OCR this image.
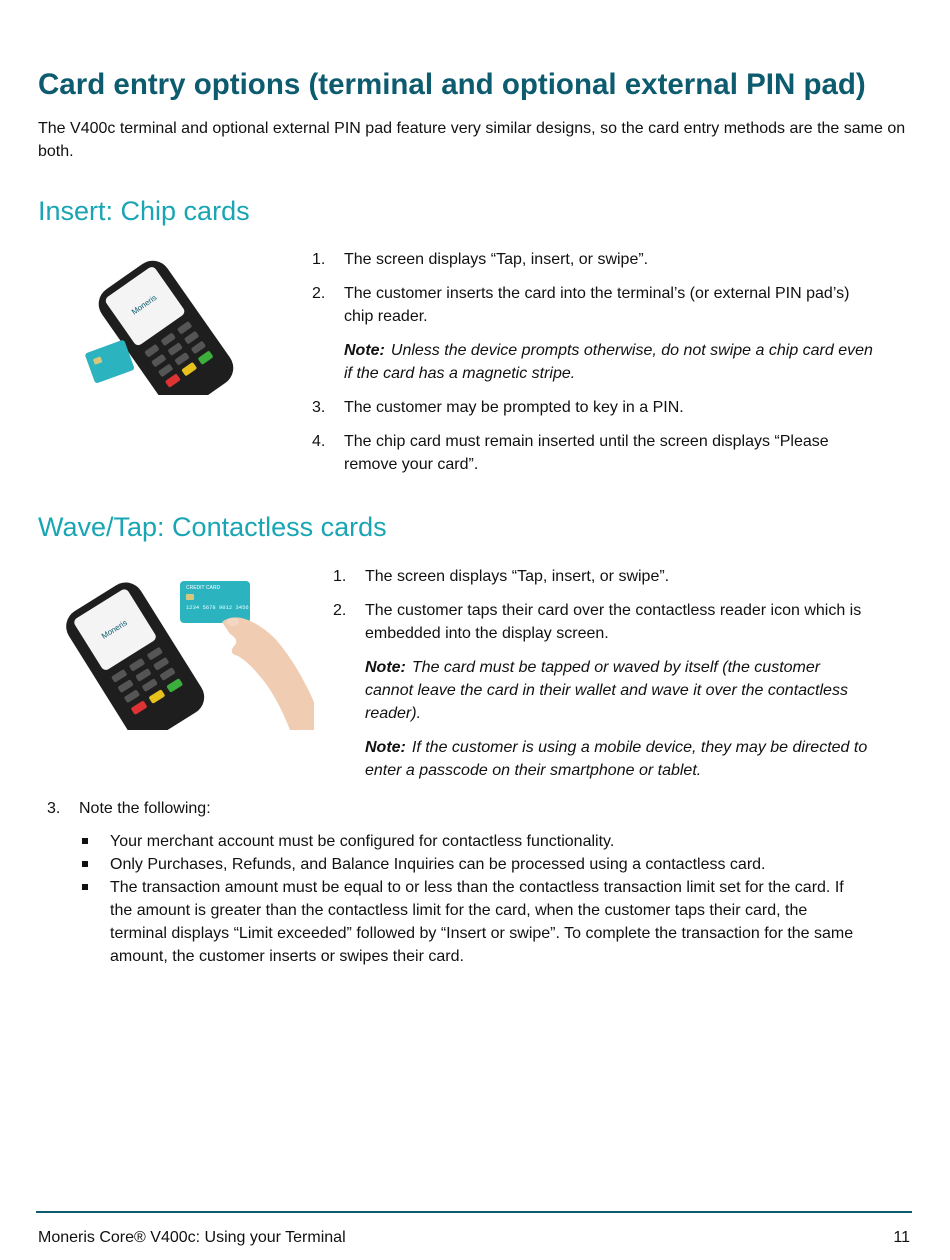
Card entry options (terminal and optional external PIN pad)

The V400c terminal and optional external PIN pad feature very similar designs, so the card entry methods are the same on both.

Insert: Chip cards
Moneris
1. The screen displays “Tap, insert, or swipe”.
2. The customer inserts the card into the terminal’s (or external PIN pad’s) chip reader.
Note: Unless the device prompts otherwise, do not swipe a chip card even if the card has a magnetic stripe.
3. The customer may be prompted to key in a PIN.
4. The chip card must remain inserted until the screen displays “Please remove your card”.
Wave/Tap: Contactless cards
Moneris
CREDIT CARD
1234 5678 9012 3456
1. The screen displays “Tap, insert, or swipe”.
2. The customer taps their card over the contactless reader icon which is embedded into the display screen.
Note: The card must be tapped or waved by itself (the customer cannot leave the card in their wallet and wave it over the contactless reader).
Note: If the customer is using a mobile device, they may be directed to enter a passcode on their smartphone or tablet.
3. Note the following:
Your merchant account must be configured for contactless functionality.
Only Purchases, Refunds, and Balance Inquiries can be processed using a contactless card.
The transaction amount must be equal to or less than the contactless transaction limit set for the card. If the amount is greater than the contactless limit for the card, when the customer taps their card, the terminal displays “Limit exceeded” followed by “Insert or swipe”. To complete the transaction for the same amount, the customer inserts or swipes their card.
Moneris Core® V400c: Using your Terminal	11
